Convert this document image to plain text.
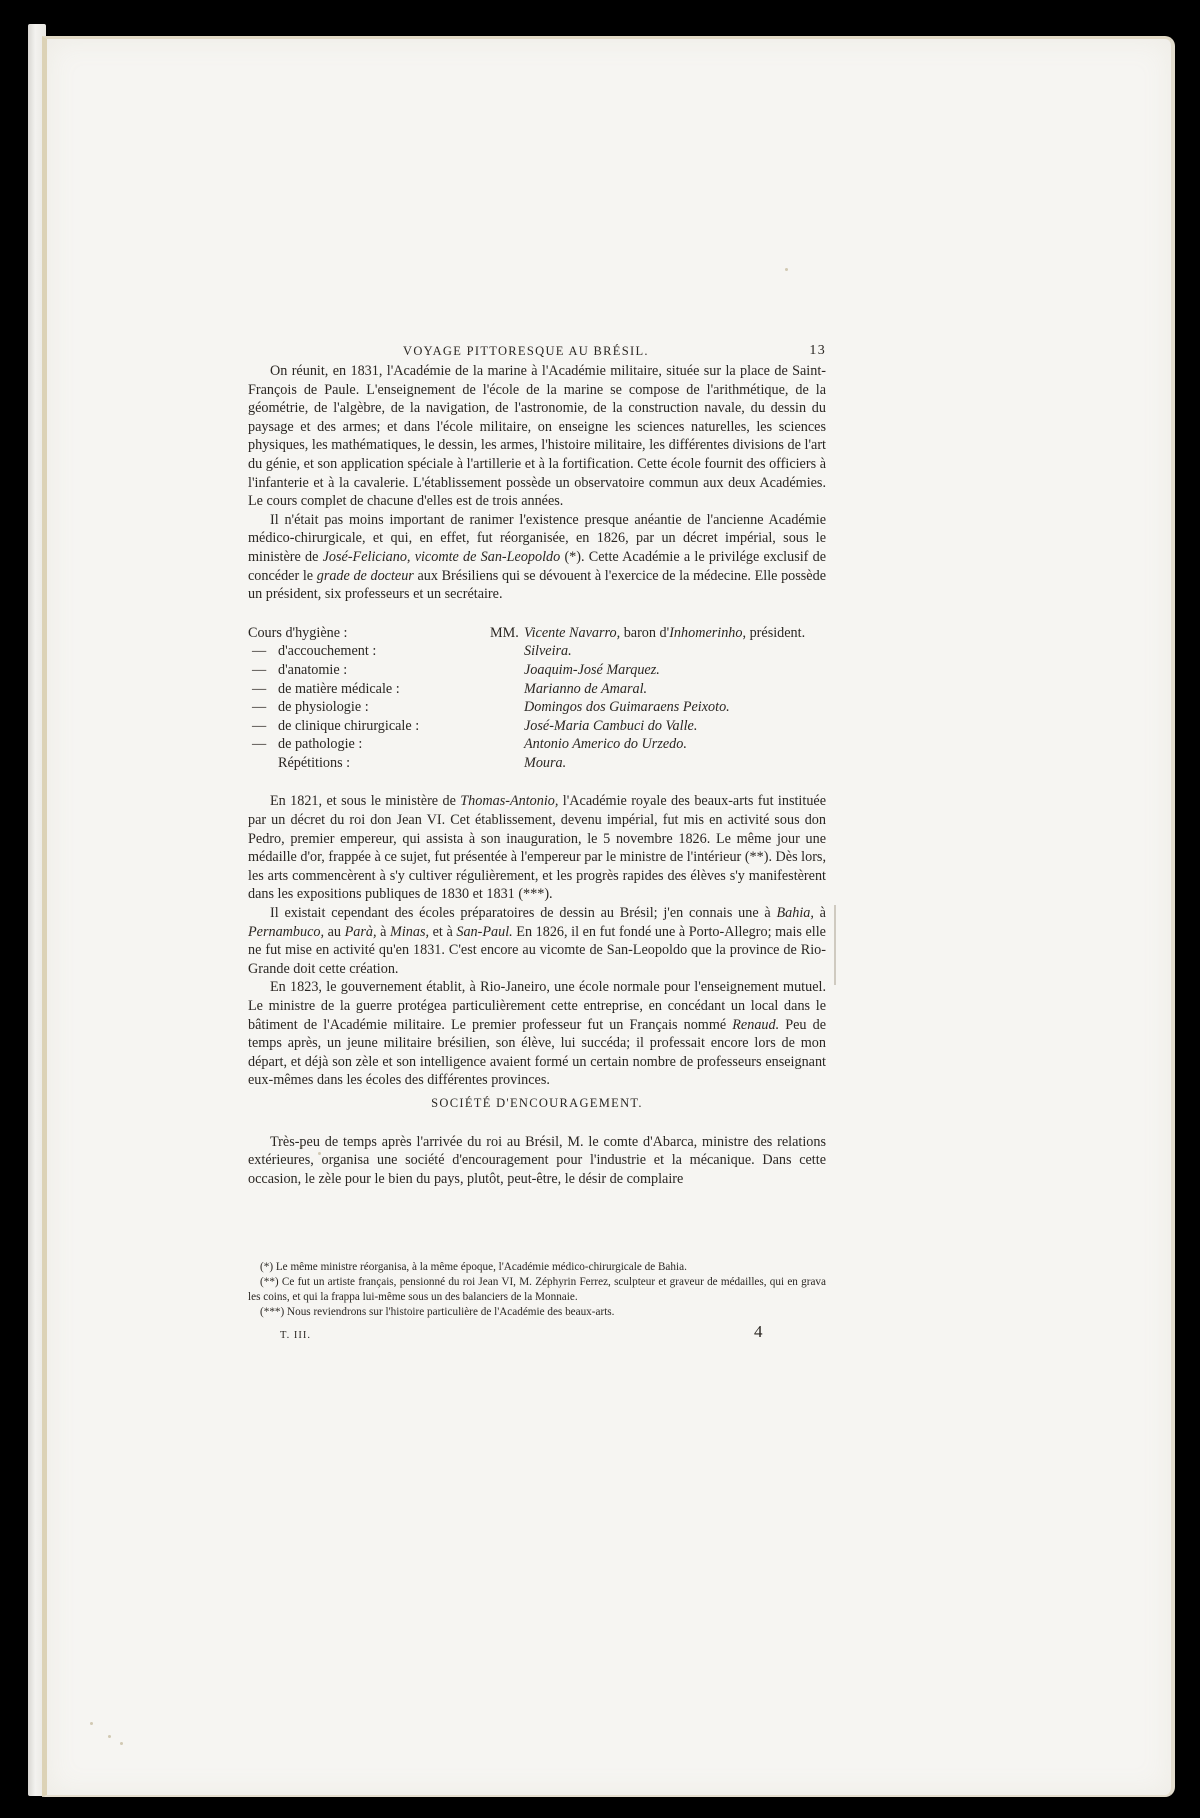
VOYAGE PITTORESQUE AU BRÉSIL.	13

On réunit, en 1831, l'Académie de la marine à l'Académie militaire, située sur la place de Saint-François de Paule. L'enseignement de l'école de la marine se compose de l'arithmétique, de la géométrie, de l'algèbre, de la navigation, de l'astronomie, de la construction navale, du dessin du paysage et des armes; et dans l'école militaire, on enseigne les sciences naturelles, les sciences physiques, les mathématiques, le dessin, les armes, l'histoire militaire, les différentes divisions de l'art du génie, et son application spéciale à l'artillerie et à la fortification. Cette école fournit des officiers à l'infanterie et à la cavalerie. L'établissement possède un observatoire commun aux deux Académies. Le cours complet de chacune d'elles est de trois années.

Il n'était pas moins important de ranimer l'existence presque anéantie de l'ancienne Académie médico-chirurgicale, et qui, en effet, fut réorganisée, en 1826, par un décret impérial, sous le ministère de José-Feliciano, vicomte de San-Leopoldo (*). Cette Académie a le privilége exclusif de concéder le grade de docteur aux Brésiliens qui se dévouent à l'exercice de la médecine. Elle possède un président, six professeurs et un secrétaire.

Cours d'hygiène :	MM. Vicente Navarro, baron d'Inhomerinho, président.
— d'accouchement :	Silveira.
— d'anatomie :	Joaquim-José Marquez.
— de matière médicale :	Marianno de Amaral.
— de physiologie :	Domingos dos Guimaraens Peixoto.
— de clinique chirurgicale :	José-Maria Cambuci do Valle.
— de pathologie :	Antonio Americo do Urzedo.
Répétitions :	Moura.

En 1821, et sous le ministère de Thomas-Antonio, l'Académie royale des beaux-arts fut instituée par un décret du roi don Jean VI. Cet établissement, devenu impérial, fut mis en activité sous don Pedro, premier empereur, qui assista à son inauguration, le 5 novembre 1826. Le même jour une médaille d'or, frappée à ce sujet, fut présentée à l'empereur par le ministre de l'intérieur (**). Dès lors, les arts commencèrent à s'y cultiver régulièrement, et les progrès rapides des élèves s'y manifestèrent dans les expositions publiques de 1830 et 1831 (***).

Il existait cependant des écoles préparatoires de dessin au Brésil; j'en connais une à Bahia, à Pernambuco, au Parà, à Minas, et à San-Paul. En 1826, il en fut fondé une à Porto-Allegro; mais elle ne fut mise en activité qu'en 1831. C'est encore au vicomte de San-Leopoldo que la province de Rio-Grande doit cette création.

En 1823, le gouvernement établit, à Rio-Janeiro, une école normale pour l'enseignement mutuel. Le ministre de la guerre protégea particulièrement cette entreprise, en concédant un local dans le bâtiment de l'Académie militaire. Le premier professeur fut un Français nommé Renaud. Peu de temps après, un jeune militaire brésilien, son élève, lui succéda; il professait encore lors de mon départ, et déjà son zèle et son intelligence avaient formé un certain nombre de professeurs enseignant eux-mêmes dans les écoles des différentes provinces.

SOCIÉTÉ D'ENCOURAGEMENT.

Très-peu de temps après l'arrivée du roi au Brésil, M. le comte d'Abarca, ministre des relations extérieures, organisa une société d'encouragement pour l'industrie et la mécanique. Dans cette occasion, le zèle pour le bien du pays, plutôt, peut-être, le désir de complaire

(*) Le même ministre réorganisa, à la même époque, l'Académie médico-chirurgicale de Bahia.

(**) Ce fut un artiste français, pensionné du roi Jean VI, M. Zéphyrin Ferrez, sculpteur et graveur de médailles, qui en grava les coins, et qui la frappa lui-même sous un des balanciers de la Monnaie.

(***) Nous reviendrons sur l'histoire particulière de l'Académie des beaux-arts.

T. III.	4
